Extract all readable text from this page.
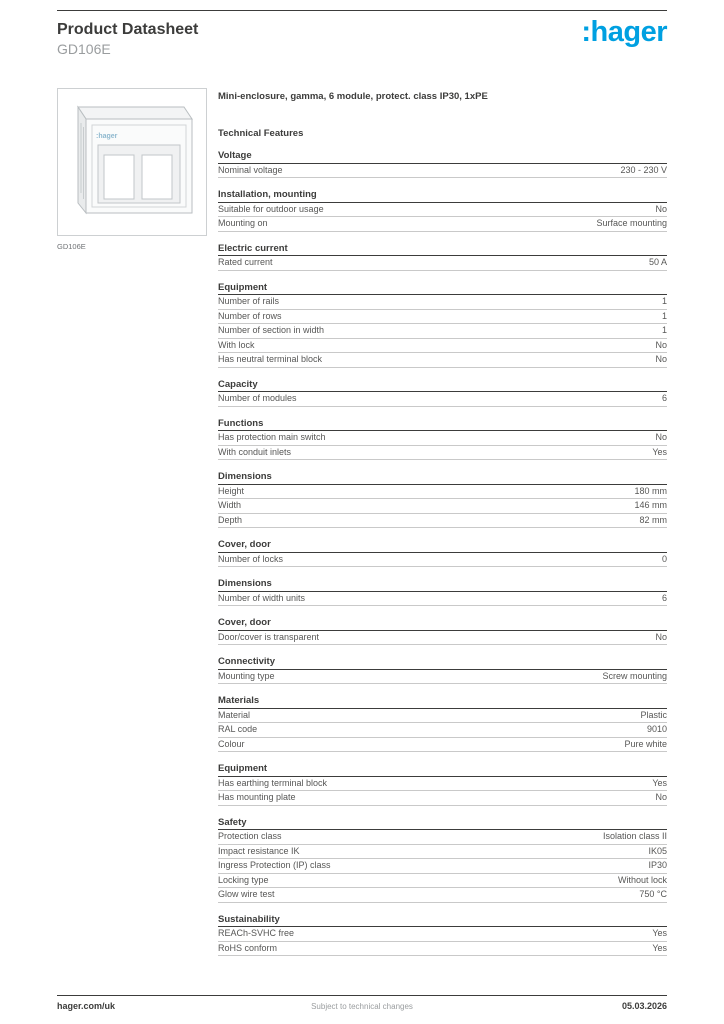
Product Datasheet
GD106E
:hager
:hager
GD106E
Mini-enclosure, gamma, 6 module, protect. class IP30, 1xPE
Technical Features
Voltage
Nominal voltage	230 - 230 V
Installation, mounting
Suitable for outdoor usage	No
Mounting on	Surface mounting
Electric current
Rated current	50 A
Equipment
Number of rails	1
Number of rows	1
Number of section in width	1
With lock	No
Has neutral terminal block	No
Capacity
Number of modules	6
Functions
Has protection main switch	No
With conduit inlets	Yes
Dimensions
Height	180 mm
Width	146 mm
Depth	82 mm
Cover, door
Number of locks	0
Dimensions
Number of width units	6
Cover, door
Door/cover is transparent	No
Connectivity
Mounting type	Screw mounting
Materials
Material	Plastic
RAL code	9010
Colour	Pure white
Equipment
Has earthing terminal block	Yes
Has mounting plate	No
Safety
Protection class	Isolation class II
Impact resistance IK	IK05
Ingress Protection (IP) class	IP30
Locking type	Without lock
Glow wire test	750 °C
Sustainability
REACh-SVHC free	Yes
RoHS conform	Yes
hager.com/uk	Subject to technical changes	05.03.2026
